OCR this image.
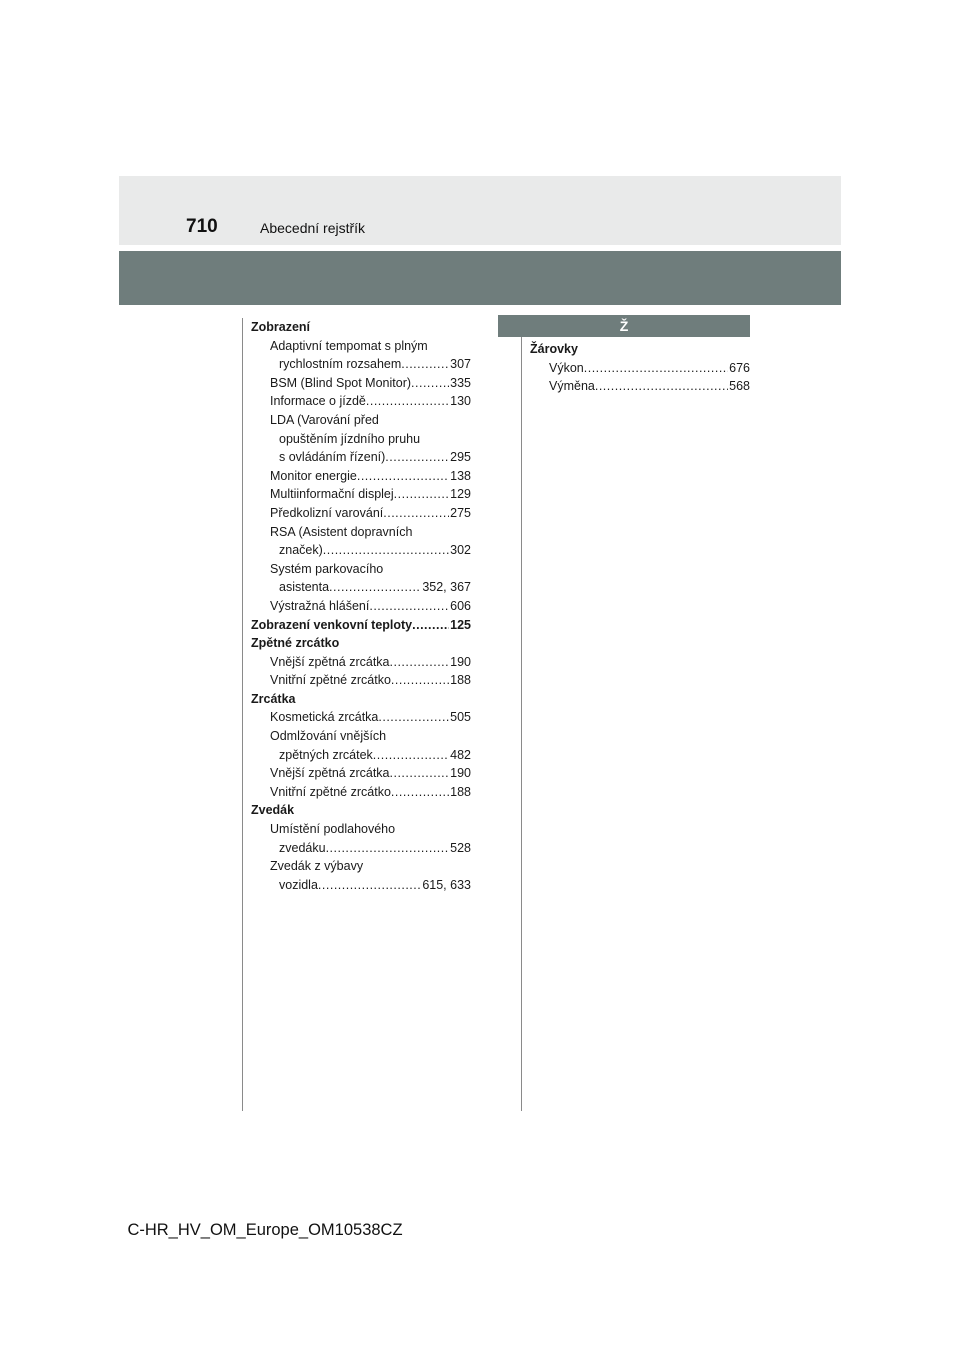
710	Abecední rejstřík
Zobrazení
Adaptivní tempomat s plným
rychlostním rozsahem .....	307
BSM (Blind Spot Monitor) .....	335
Informace o jízdě .....	130
LDA (Varování před
opuštěním jízdního pruhu
s ovládáním řízení) .....	295
Monitor energie .....	138
Multiinformační displej .....	129
Předkolizní varování .....	275
RSA (Asistent dopravních
značek) .....	302
Systém parkovacího
asistenta .....	352, 367
Výstražná hlášení .....	606
Zobrazení venkovní teploty .....	125
Zpětné zrcátko
Vnější zpětná zrcátka .....	190
Vnitřní zpětné zrcátko .....	188
Zrcátka
Kosmetická zrcátka .....	505
Odmlžování vnějších
zpětných zrcátek .....	482
Vnější zpětná zrcátka .....	190
Vnitřní zpětné zrcátko .....	188
Zvedák
Umístění podlahového
zvedáku .....	528
Zvedák z výbavy
vozidla .....	615, 633
Ž
Žárovky
Výkon .....	676
Výměna .....	568
C-HR_HV_OM_Europe_OM10538CZ
